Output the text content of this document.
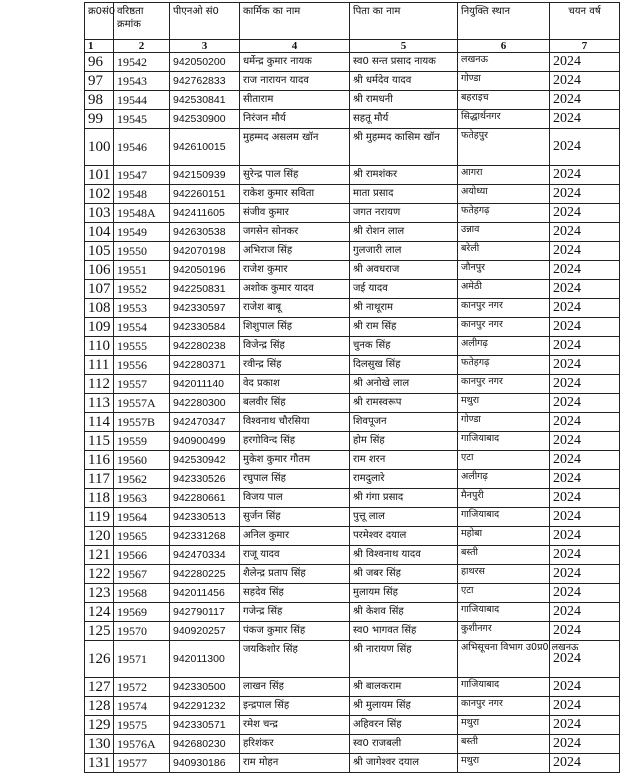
क्र0सं0	वरिष्ठता क्रमांक	पीएनओ सं0	कार्मिक का नाम	पिता का नाम	नियुक्ति स्थान	चयन वर्ष
1	2	3	4	5	6	7
96	19542	942050200	धर्मेन्द्र कुमार नायक	स्व0 सन्त प्रसाद नायक	लखनऊ	2024
97	19543	942762833	राज नारायन यादव	श्री धर्मदेव यादव	गोण्डा	2024
98	19544	942530841	सीताराम	श्री रामधनी	बहराइच	2024
99	19545	942530900	निरंजन मौर्य	सहतू मौर्य	सिद्धार्थनगर	2024
100	19546	942610015	मुहम्मद असलम खॉन	श्री मुहम्मद कासिम खॉन	फतेहपुर	2024
101	19547	942150939	सुरेन्द्र पाल सिंह	श्री रामशंकर	आगरा	2024
102	19548	942260151	राकेश कुमार सविता	माता प्रसाद	अयोध्या	2024
103	19548A	942411605	संजीव कुमार	जगत नरायण	फतेहगढ़	2024
104	19549	942630538	जगसेन सोनकर	श्री रोशन लाल	उन्नाव	2024
105	19550	942070198	अभिराज सिंह	गुलजारी लाल	बरेली	2024
106	19551	942050196	राजेश कुमार	श्री अवधराज	जौनपुर	2024
107	19552	942250831	अशोक कुमार यादव	जई यादव	अमेठी	2024
108	19553	942330597	राजेश बाबू	श्री नाथूराम	कानपुर नगर	2024
109	19554	942330584	शिशुपाल सिंह	श्री राम सिंह	कानपुर नगर	2024
110	19555	942280238	विजेन्द्र सिंह	चुनक सिंह	अलीगढ़	2024
111	19556	942280371	रवीन्द्र सिंह	दिलसुख सिंह	फतेहगढ़	2024
112	19557	942011140	वेद प्रकाश	श्री अनोखे लाल	कानपुर नगर	2024
113	19557A	942280300	बलवीर सिंह	श्री रामस्वरूप	मथुरा	2024
114	19557B	942470347	विश्वनाथ चौरसिया	शिवपूजन	गोण्डा	2024
115	19559	940900499	हरगोविन्द सिंह	होम सिंह	गाजियाबाद	2024
116	19560	942530942	मुकेश कुमार गौतम	राम शरन	एटा	2024
117	19562	942330526	रघुपाल सिंह	रामदुलारे	अलीगढ़	2024
118	19563	942280661	विजय पाल	श्री गंगा प्रसाद	मैनपुरी	2024
119	19564	942330513	सुर्जन सिंह	पुत्तू लाल	गाजियाबाद	2024
120	19565	942331268	अनिल कुमार	परमेश्वर दयाल	महोबा	2024
121	19566	942470334	राजू यादव	श्री विश्वनाथ यादव	बस्ती	2024
122	19567	942280225	शैलेन्द्र प्रताप सिंह	श्री जबर सिंह	हाथरस	2024
123	19568	942011456	सहदेव सिंह	मुलायम सिंह	एटा	2024
124	19569	942790117	गजेन्द्र सिंह	श्री केशव सिंह	गाजियाबाद	2024
125	19570	940920257	पंकज कुमार सिंह	स्व0 भागवत सिंह	कुशीनगर	2024
126	19571	942011300	जयकिशोर सिंह	श्री नारायण सिंह	अभिसूचना विभाग उ0प्र0 लखनऊ	2024
127	19572	942330500	लाखन सिंह	श्री बालकराम	गाजियाबाद	2024
128	19574	942291232	इन्द्रपाल सिंह	श्री मुलायम सिंह	कानपुर नगर	2024
129	19575	942330571	रमेश चन्द्र	अहिवरन सिंह	मथुरा	2024
130	19576A	942680230	हरिशंकर	स्व0 राजबली	बस्ती	2024
131	19577	940930186	राम मोहन	श्री जागेश्वर दयाल	मथुरा	2024
